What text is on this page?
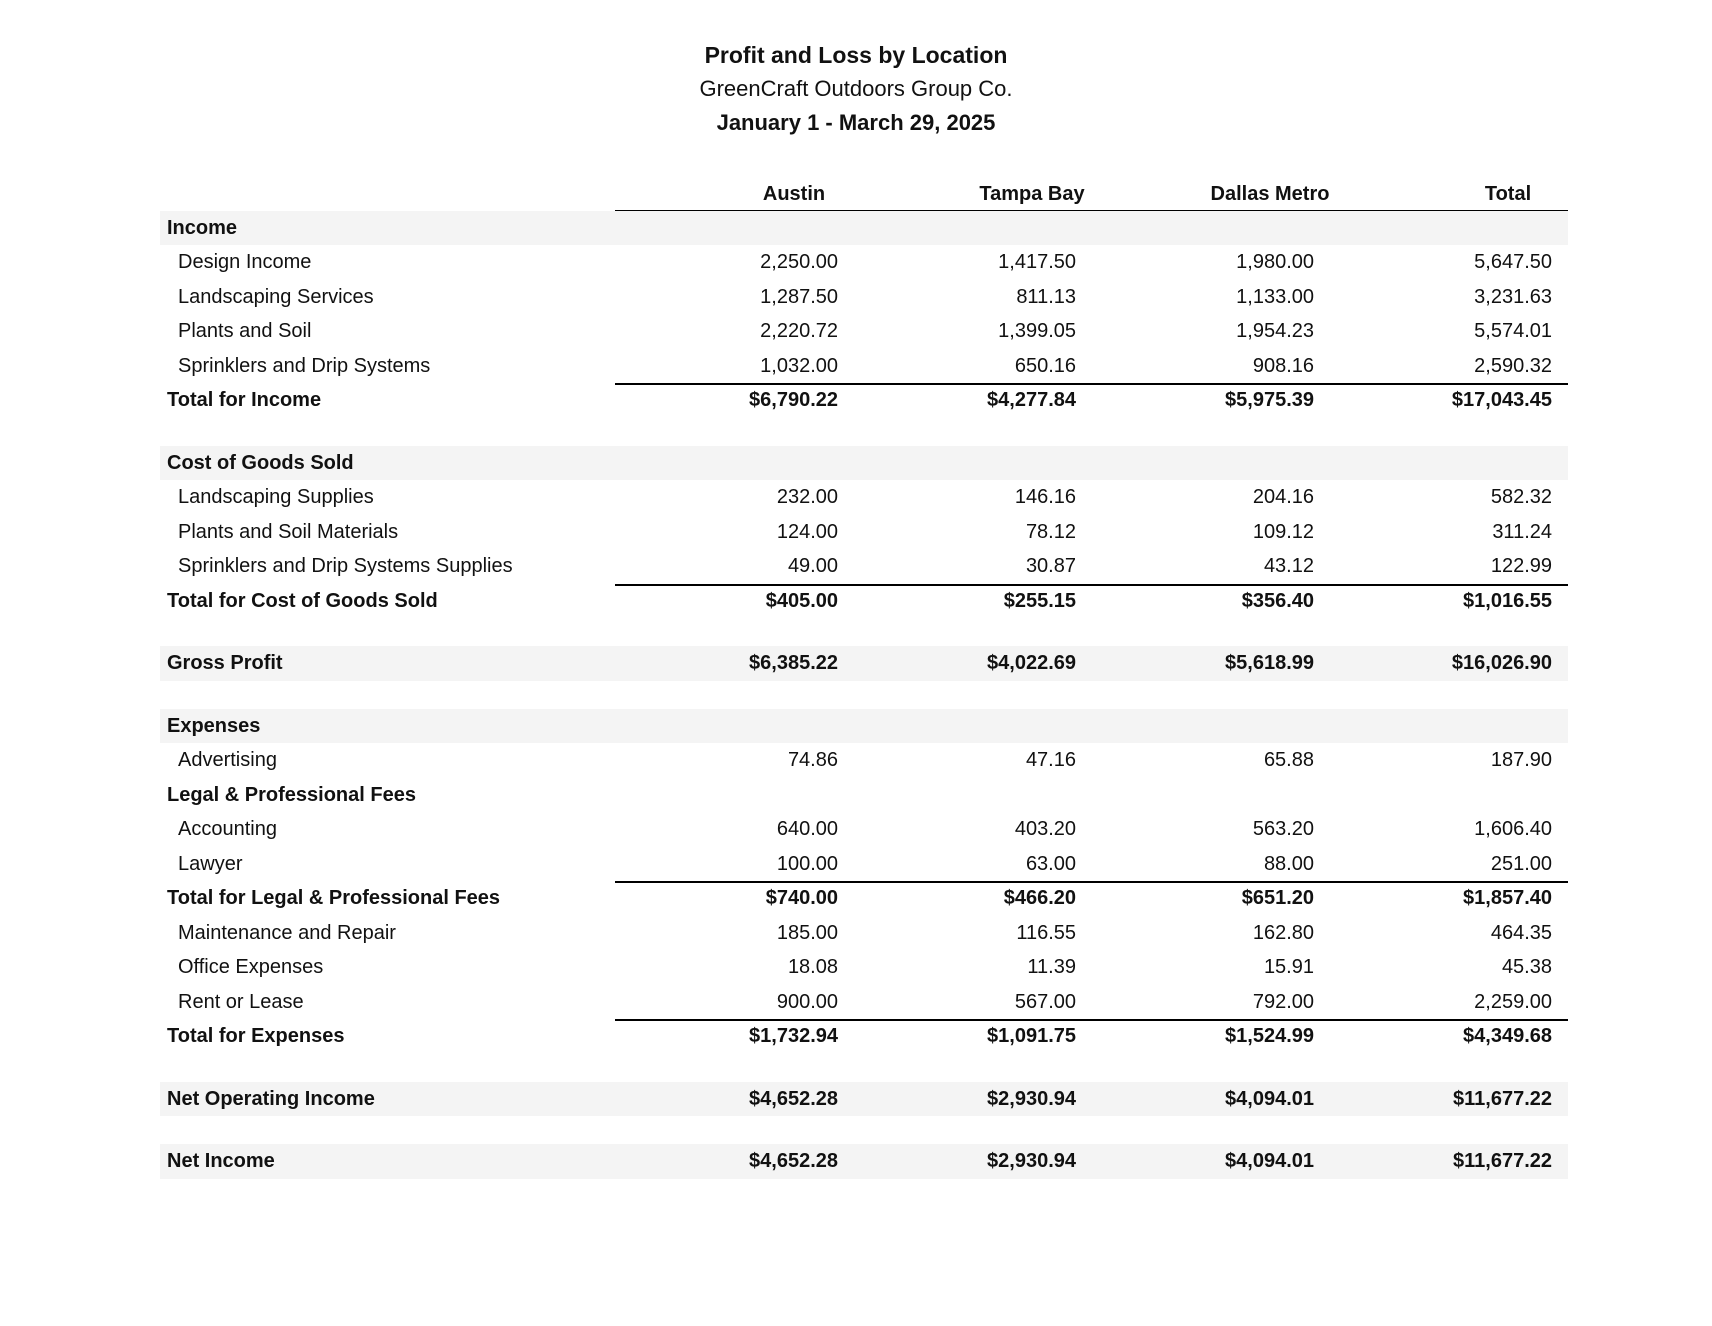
Profit and Loss by Location
GreenCraft Outdoors Group Co.
January 1 - March 29, 2025
Austin	Tampa Bay	Dallas Metro	Total
Income
Design Income	2,250.00	1,417.50	1,980.00	5,647.50
Landscaping Services	1,287.50	811.13	1,133.00	3,231.63
Plants and Soil	2,220.72	1,399.05	1,954.23	5,574.01
Sprinklers and Drip Systems	1,032.00	650.16	908.16	2,590.32
Total for Income	$6,790.22	$4,277.84	$5,975.39	$17,043.45
Cost of Goods Sold
Landscaping Supplies	232.00	146.16	204.16	582.32
Plants and Soil Materials	124.00	78.12	109.12	311.24
Sprinklers and Drip Systems Supplies	49.00	30.87	43.12	122.99
Total for Cost of Goods Sold	$405.00	$255.15	$356.40	$1,016.55
Gross Profit	$6,385.22	$4,022.69	$5,618.99	$16,026.90
Expenses
Advertising	74.86	47.16	65.88	187.90
Legal & Professional Fees
Accounting	640.00	403.20	563.20	1,606.40
Lawyer	100.00	63.00	88.00	251.00
Total for Legal & Professional Fees	$740.00	$466.20	$651.20	$1,857.40
Maintenance and Repair	185.00	116.55	162.80	464.35
Office Expenses	18.08	11.39	15.91	45.38
Rent or Lease	900.00	567.00	792.00	2,259.00
Total for Expenses	$1,732.94	$1,091.75	$1,524.99	$4,349.68
Net Operating Income	$4,652.28	$2,930.94	$4,094.01	$11,677.22
Net Income	$4,652.28	$2,930.94	$4,094.01	$11,677.22
